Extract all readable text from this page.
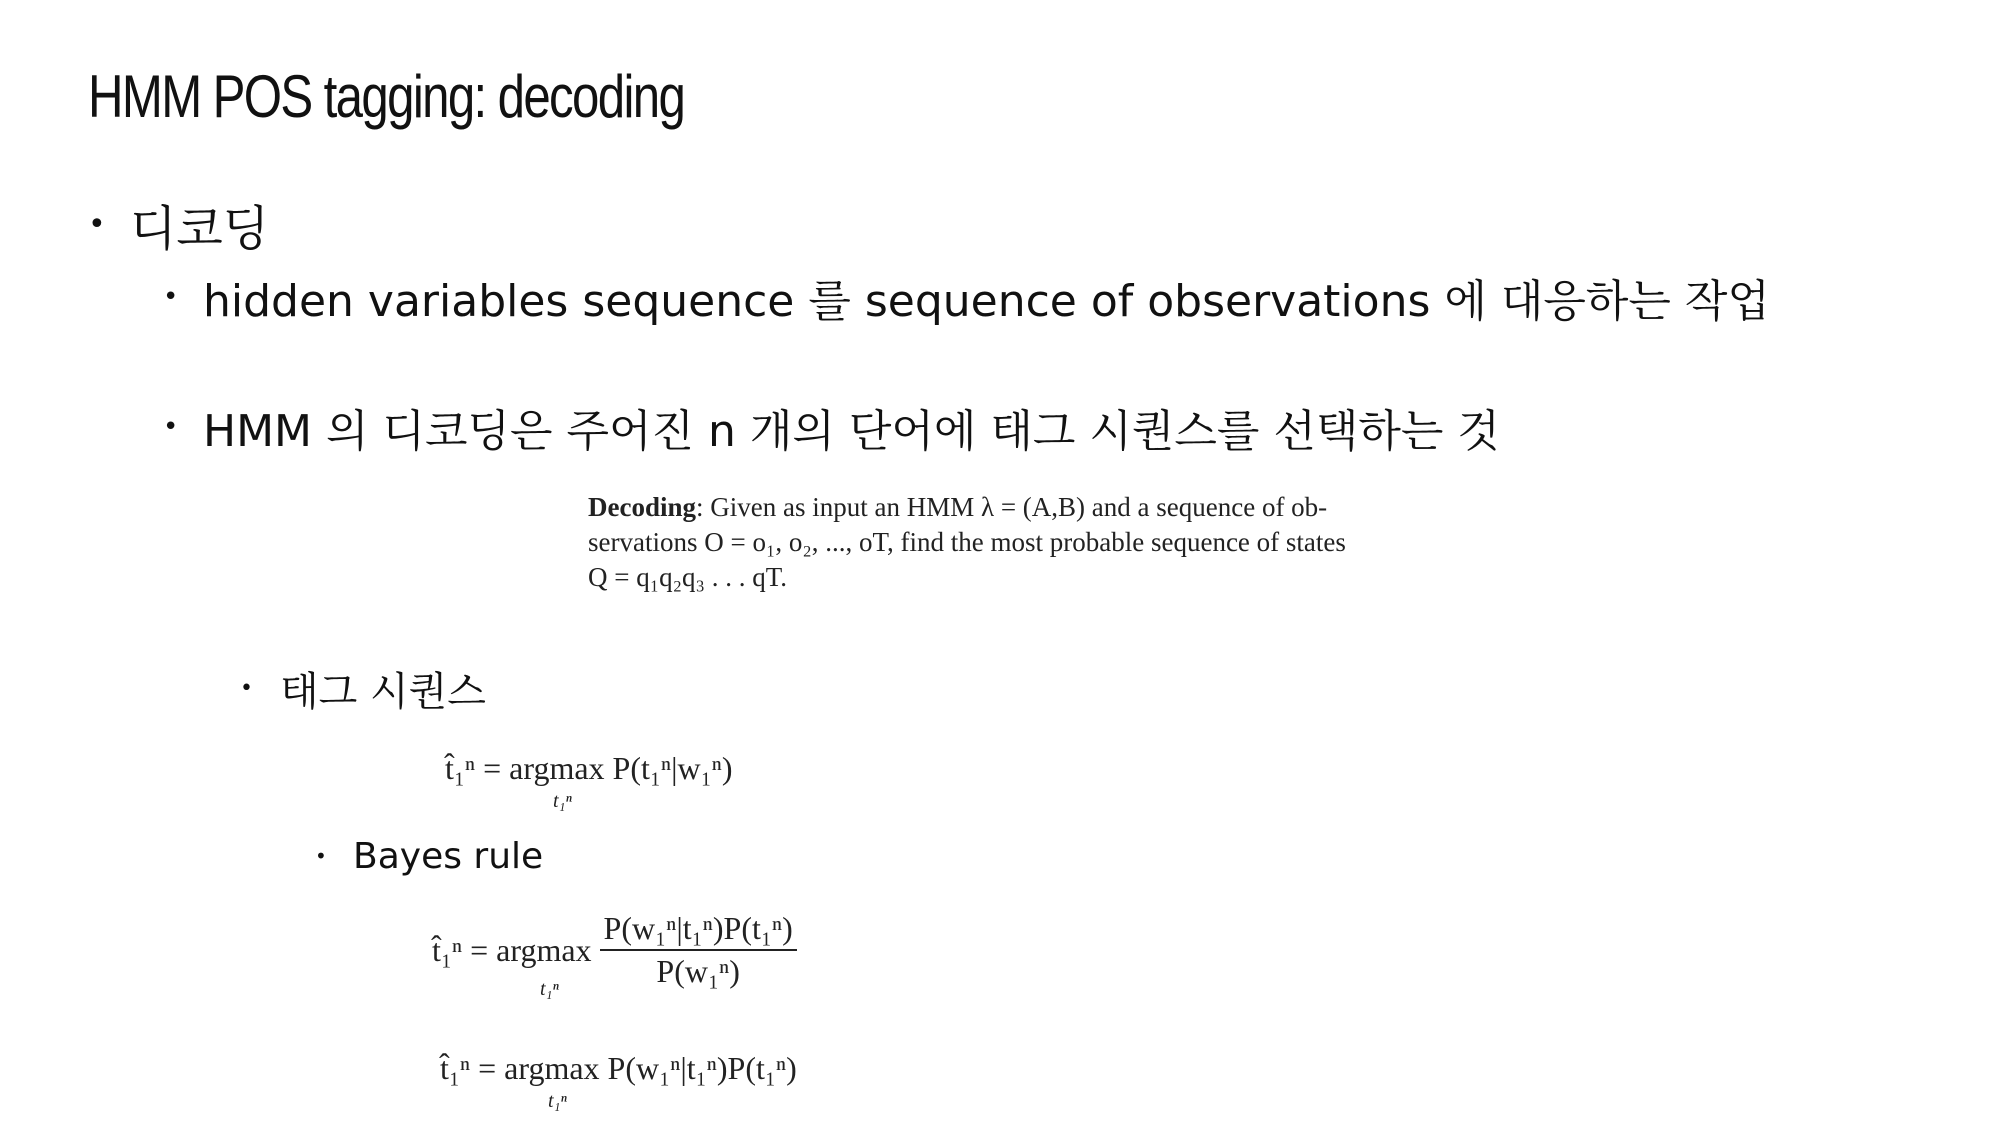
HMM POS tagging: decoding
• 디코딩
• hidden variables sequence 를 sequence of observations 에 대응하는 작업
• HMM 의 디코딩은 주어진 n 개의 단어에 태그 시퀀스를 선택하는 것
Decoding: Given as input an HMM λ = (A,B) and a sequence of ob-
servations O = o₁, o₂, ..., oT, find the most probable sequence of states
Q = q₁q₂q₃ . . . qT.
• 태그 시퀀스
t̂₁ⁿ = argmax P(t₁ⁿ|w₁ⁿ)
t₁ⁿ
• Bayes rule
t̂₁ⁿ = argmax $\frac{\text{P(w₁ⁿ|t₁ⁿ)P(t₁ⁿ)}}{\text{P(w₁ⁿ)}}$
t₁ⁿ
t̂₁ⁿ = argmax P(w₁ⁿ|t₁ⁿ)P(t₁ⁿ)
t₁ⁿ
